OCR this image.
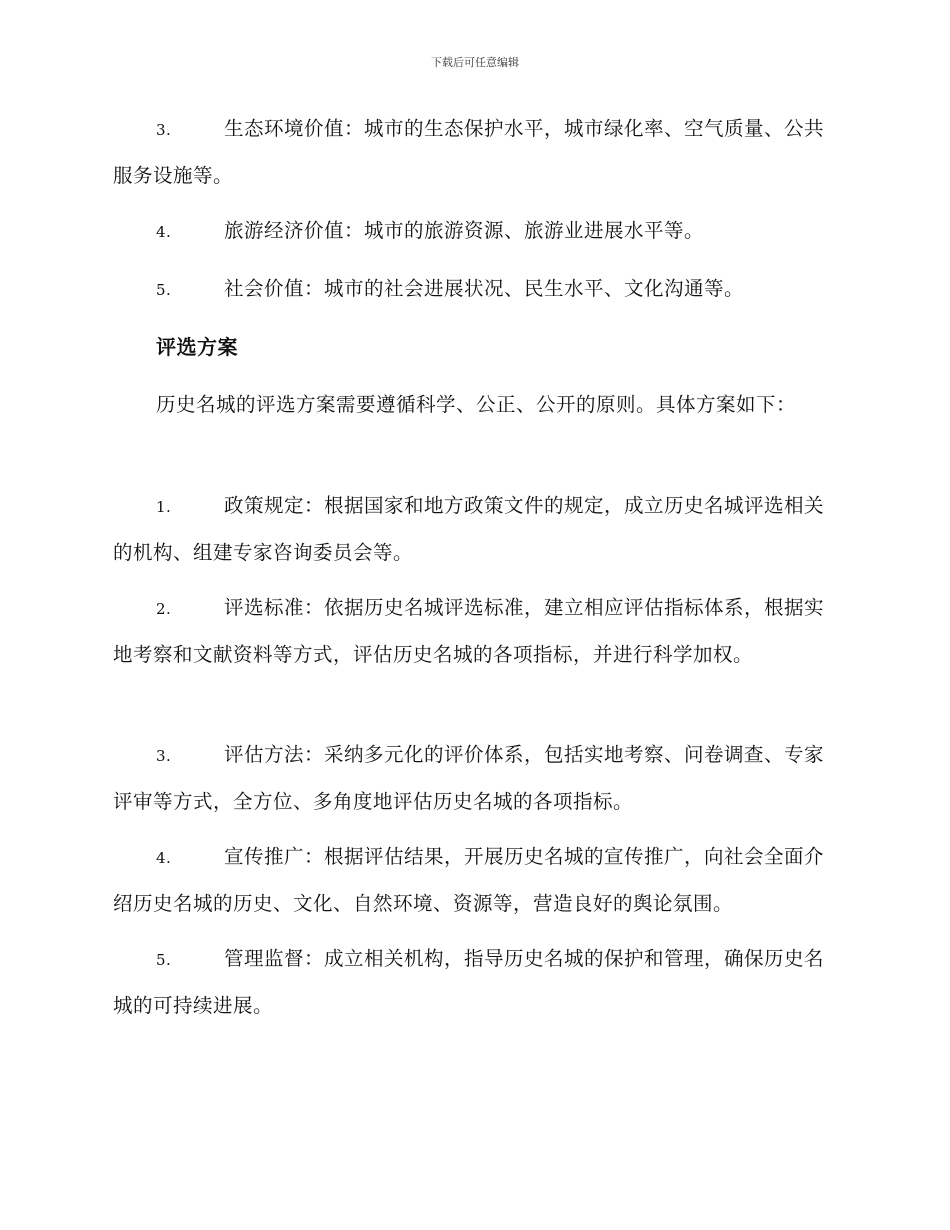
下载后可任意编辑
3.	生态环境价值：城市的生态保护水平，城市绿化率、空气质量、公共服务设施等。
4.	旅游经济价值：城市的旅游资源、旅游业进展水平等。
5.	社会价值：城市的社会进展状况、民生水平、文化沟通等。
评选方案
历史名城的评选方案需要遵循科学、公正、公开的原则。具体方案如下：
1.	政策规定：根据国家和地方政策文件的规定，成立历史名城评选相关的机构、组建专家咨询委员会等。
2.	评选标准：依据历史名城评选标准，建立相应评估指标体系，根据实地考察和文献资料等方式，评估历史名城的各项指标，并进行科学加权。
3.	评估方法：采纳多元化的评价体系，包括实地考察、问卷调查、专家评审等方式，全方位、多角度地评估历史名城的各项指标。
4.	宣传推广：根据评估结果，开展历史名城的宣传推广，向社会全面介绍历史名城的历史、文化、自然环境、资源等，营造良好的舆论氛围。
5.	管理监督：成立相关机构，指导历史名城的保护和管理，确保历史名城的可持续进展。
